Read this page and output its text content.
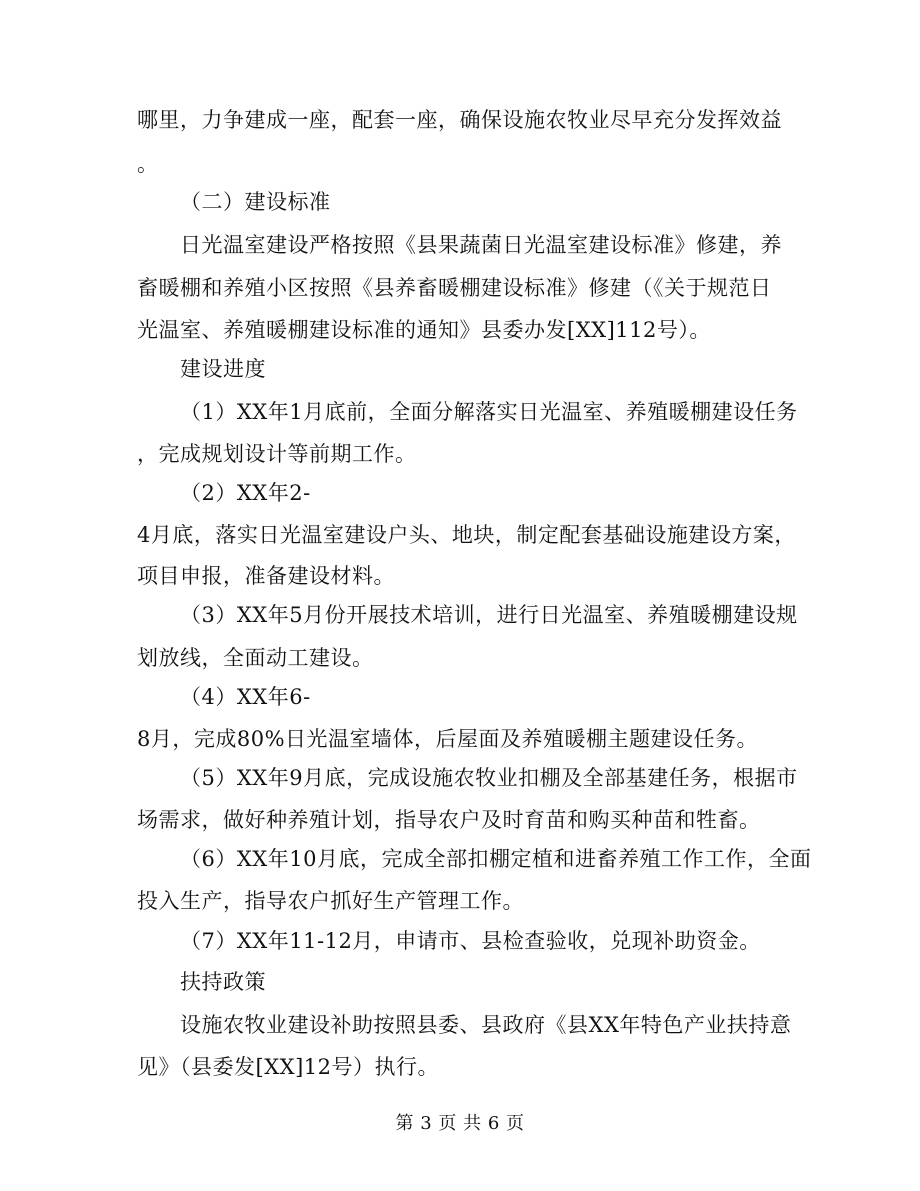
哪里，力争建成一座，配套一座，确保设施农牧业尽早充分发挥效益
。
（二）建设标准
日光温室建设严格按照《县果蔬菌日光温室建设标准》修建，养
畜暖棚和养殖小区按照《县养畜暖棚建设标准》修建（《关于规范日
光温室、养殖暖棚建设标准的通知》县委办发[XX]112号）。
建设进度
（1）XX年1月底前，全面分解落实日光温室、养殖暖棚建设任务
，完成规划设计等前期工作。
（2）XX年2-
4月底，落实日光温室建设户头、地块，制定配套基础设施建设方案，
项目申报，准备建设材料。
（3）XX年5月份开展技术培训，进行日光温室、养殖暖棚建设规
划放线，全面动工建设。
（4）XX年6-
8月，完成80%日光温室墙体，后屋面及养殖暖棚主题建设任务。
（5）XX年9月底，完成设施农牧业扣棚及全部基建任务，根据市
场需求，做好种养殖计划，指导农户及时育苗和购买种苗和牲畜。
（6）XX年10月底，完成全部扣棚定植和进畜养殖工作工作，全面
投入生产，指导农户抓好生产管理工作。
（7）XX年11-12月，申请市、县检查验收，兑现补助资金。
扶持政策
设施农牧业建设补助按照县委、县政府《县XX年特色产业扶持意
见》（县委发[XX]12号）执行。
第 3 页 共 6 页
